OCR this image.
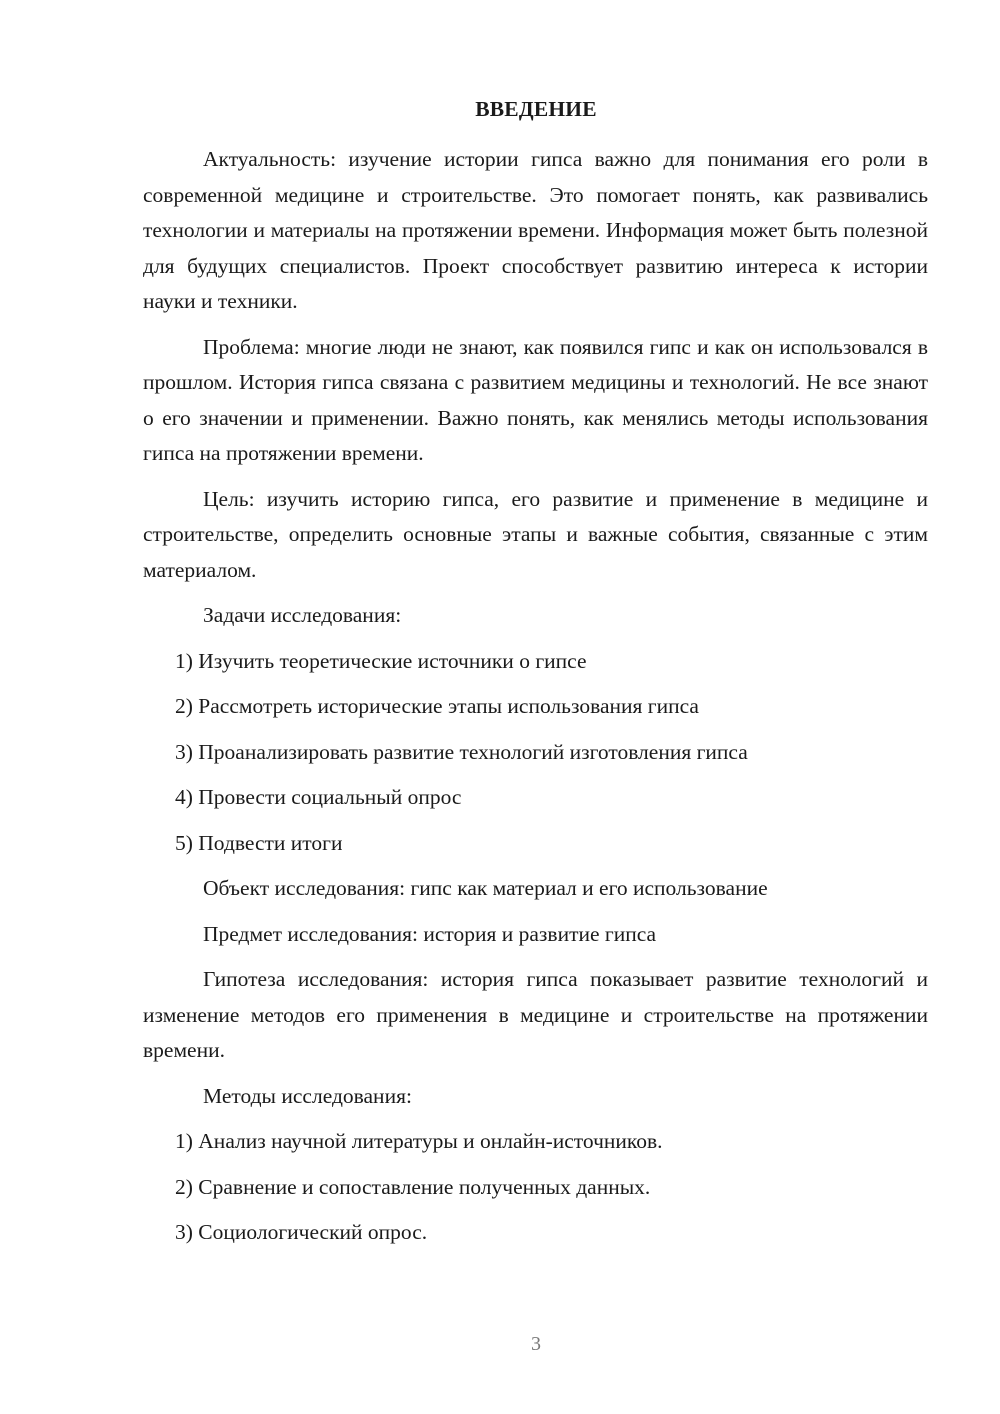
ВВЕДЕНИЕ

Актуальность: изучение истории гипса важно для понимания его роли в современной медицине и строительстве. Это помогает понять, как развивались технологии и материалы на протяжении времени. Информация может быть полезной для будущих специалистов. Проект способствует развитию интереса к истории науки и техники.

Проблема: многие люди не знают, как появился гипс и как он использовался в прошлом. История гипса связана с развитием медицины и технологий. Не все знают о его значении и применении. Важно понять, как менялись методы использования гипса на протяжении времени.

Цель: изучить историю гипса, его развитие и применение в медицине и строительстве, определить основные этапы и важные события, связанные с этим материалом.

Задачи исследования:

1) Изучить теоретические источники о гипсе

2) Рассмотреть исторические этапы использования гипса

3) Проанализировать развитие технологий изготовления гипса

4) Провести социальный опрос

5) Подвести итоги

Объект исследования: гипс как материал и его использование

Предмет исследования: история и развитие гипса

Гипотеза исследования: история гипса показывает развитие технологий и изменение методов его применения в медицине и строительстве на протяжении времени.

Методы исследования:

1) Анализ научной литературы и онлайн-источников.

2) Сравнение и сопоставление полученных данных.

3) Социологический опрос.

3
